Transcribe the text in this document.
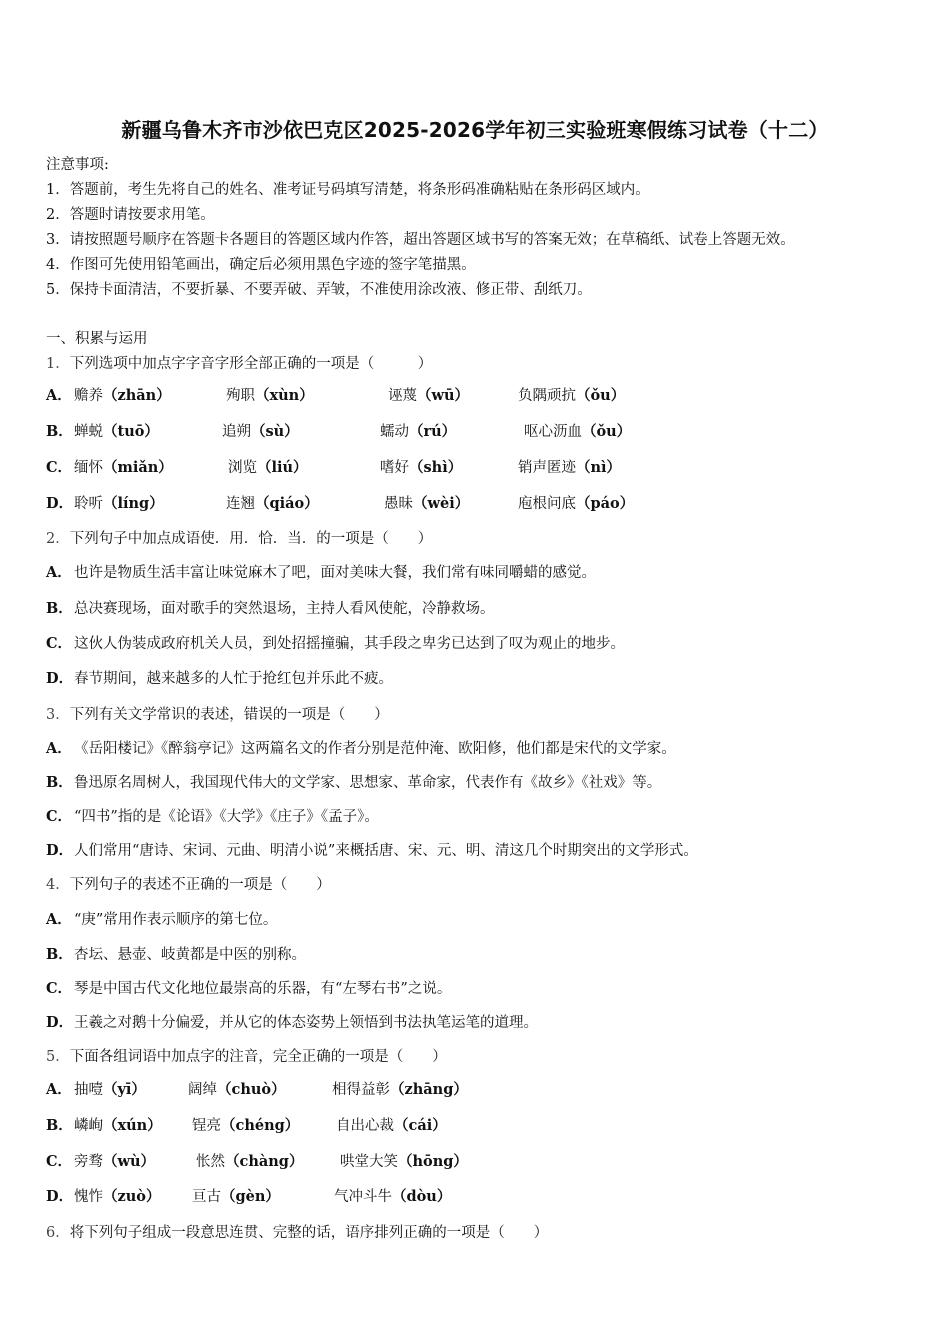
新疆乌鲁木齐市沙依巴克区2025-2026学年初三实验班寒假练习试卷（十二）
注意事项:
1．答题前，考生先将自己的姓名、准考证号码填写清楚，将条形码准确粘贴在条形码区域内。
2．答题时请按要求用笔。
3．请按照题号顺序在答题卡各题目的答题区域内作答，超出答题区域书写的答案无效；在草稿纸、试卷上答题无效。
4．作图可先使用铅笔画出，确定后必须用黑色字迹的签字笔描黑。
5．保持卡面清洁，不要折暴、不要弄破、弄皱，不准使用涂改液、修正带、刮纸刀。
一、积累与运用
1．下列选项中加点字字音字形全部正确的一项是（　　　）
A． 赡养（zhān）	殉职（xùn）	诬蔑（wū）	负隅顽抗（ǒu）
B． 蝉蜕（tuō）	追朔（sù）	蠕动（rú）	呕心沥血（ǒu）
C． 缅怀（miǎn）	浏览（liú）	嗜好（shì）	销声匿迹（nì）
D． 聆听（líng）	连翘（qiáo）	愚昧（wèi）	庖根问底（páo）
2．下列句子中加点成语使．用．恰．当．的一项是（　　）
A． 也许是物质生活丰富让味觉麻木了吧，面对美味大餐，我们常有味同嚼蜡的感觉。
B．总决赛现场，面对歌手的突然退场，主持人看风使舵，冷静救场。
C． 这伙人伪装成政府机关人员，到处招摇撞骗，其手段之卑劣已达到了叹为观止的地步。
D．春节期间，越来越多的人忙于抢红包并乐此不疲。
3．下列有关文学常识的表述，错误的一项是（　　）
A． 《岳阳楼记》《醉翁亭记》这两篇名文的作者分别是范仲淹、欧阳修，他们都是宋代的文学家。
B．鲁迅原名周树人，我国现代伟大的文学家、思想家、革命家，代表作有《故乡》《社戏》等。
C． “四书”指的是《论语》《大学》《庄子》《孟子》。
D．人们常用“唐诗、宋词、元曲、明清小说”来概括唐、宋、元、明、清这几个时期突出的文学形式。
4．下列句子的表述不正确的一项是（　　）
A． “庚”常用作表示顺序的第七位。
B．杏坛、悬壶、岐黄都是中医的别称。
C． 琴是中国古代文化地位最崇高的乐器，有“左琴右书”之说。
D．王羲之对鹅十分偏爱，并从它的体态姿势上领悟到书法执笔运笔的道理。
5．下面各组词语中加点字的注音，完全正确的一项是（　　）
A． 抽噎（yī）	阔绰（chuò）	相得益彰（zhāng）
B． 嶙峋（xún） 锃亮（chéng）	自出心裁（cái）
C． 旁骛（wù）	怅然（chàng）	哄堂大笑（hōng）
D． 愧怍（zuò） 亘古（gèn）	气冲斗牛（dòu）
6．将下列句子组成一段意思连贯、完整的话，语序排列正确的一项是（　　）
